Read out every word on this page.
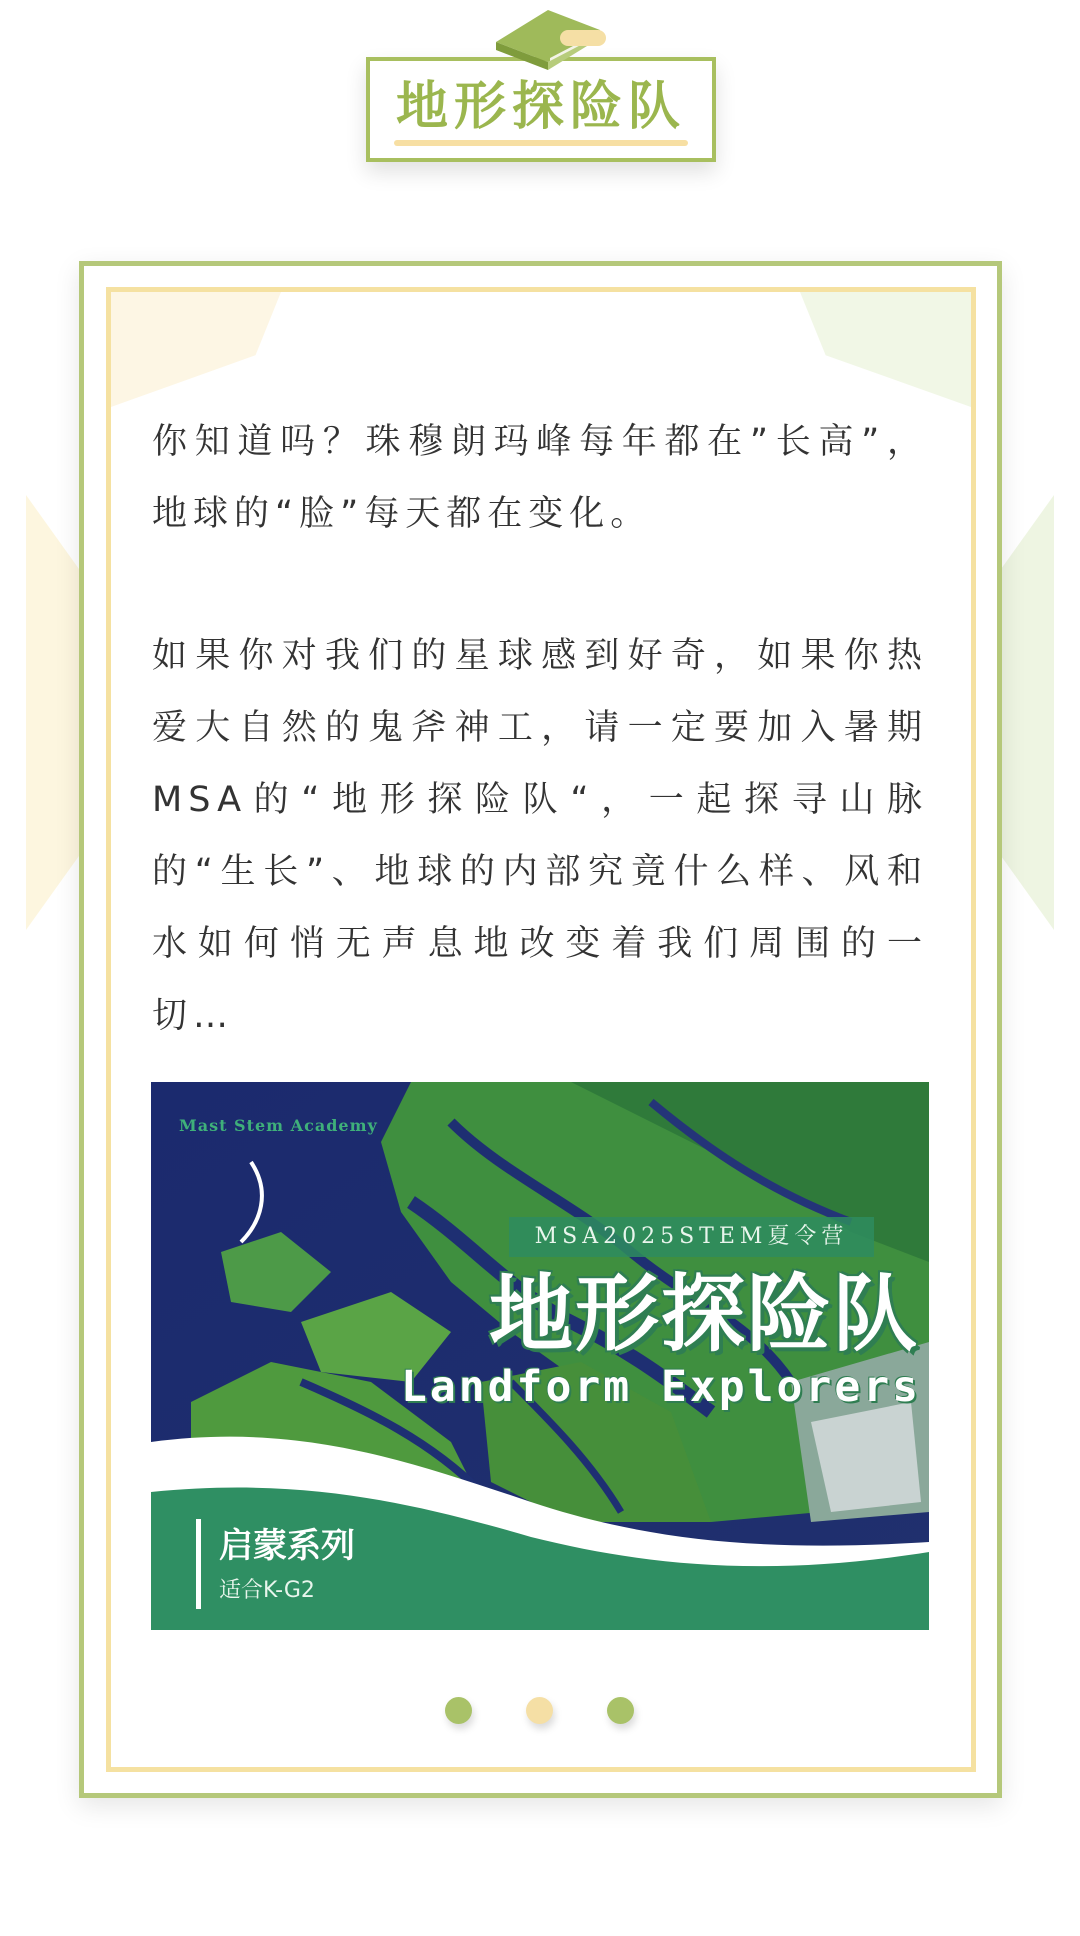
地形探险队

你知道吗？珠穆朗玛峰每年都在”长高”，地球的“脸”每天都在变化。

如果你对我们的星球感到好奇，如果你热爱大自然的鬼斧神工，请一定要加入暑期MSA的“地形探险队“，一起探寻山脉的“生长”、地球的内部究竟什么样、风和水如何悄无声息地改变着我们周围的一切…

Mast Stem Academy
MSA2025STEM夏令营
地形探险队
Landform Explorers
启蒙系列
适合K-G2
